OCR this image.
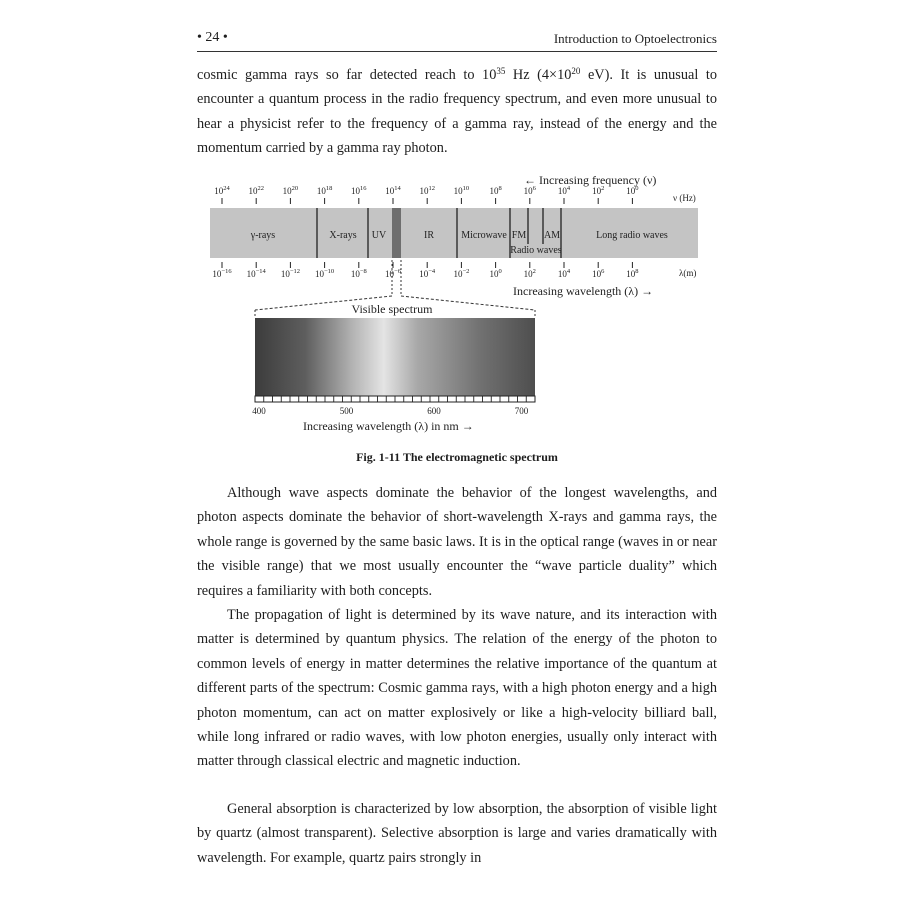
• 24 •	Introduction to Optoelectronics

cosmic gamma rays so far detected reach to $10^{35}$ Hz ($4\times 10^{20}$ eV). It is unusual to encounter a quantum process in the radio frequency spectrum, and even more unusual to hear a physicist refer to the frequency of a gamma ray, instead of the energy and the momentum carried by a gamma ray photon.

← Increasing frequency (ν)
$10^{24}$ $10^{22}$ $10^{20}$ $10^{18}$ $10^{16}$ $10^{14}$ $10^{12}$ $10^{10}$ $10^8$ $10^6$ $10^4$ $10^2$ $10^0$
ν (Hz)
γ-rays	X-rays UV	IR	Microwave FM AM
Radio waves
Long radio waves
$10^{-16}$ $10^{-14}$ $10^{-12}$ $10^{-10}$ $10^{-8}$ $10^{-6}$ $10^{-4}$ $10^{-2}$ $10^0$ $10^2$ $10^4$ $10^6$ $10^8$	λ(m)
Increasing wavelength (λ) →
Visible spectrum
400	500	600	700
Increasing wavelength (λ) in nm →
Fig. 1-11 The electromagnetic spectrum

Although wave aspects dominate the behavior of the longest wavelengths, and photon aspects dominate the behavior of short-wavelength X-rays and gamma rays, the whole range is governed by the same basic laws. It is in the optical range (waves in or near the visible range) that we most usually encounter the “wave particle duality” which requires a familiarity with both concepts.

The propagation of light is determined by its wave nature, and its interaction with matter is determined by quantum physics. The relation of the energy of the photon to common levels of energy in matter determines the relative importance of the quantum at different parts of the spectrum: Cosmic gamma rays, with a high photon energy and a high photon momentum, can act on matter explosively or like a high-velocity billiard ball, while long infrared or radio waves, with low photon energies, usually only interact with matter through classical electric and magnetic induction.

General absorption is characterized by low absorption, the absorption of visible light by quartz (almost transparent). Selective absorption is large and varies dramatically with wavelength. For example, quartz pairs strongly in
